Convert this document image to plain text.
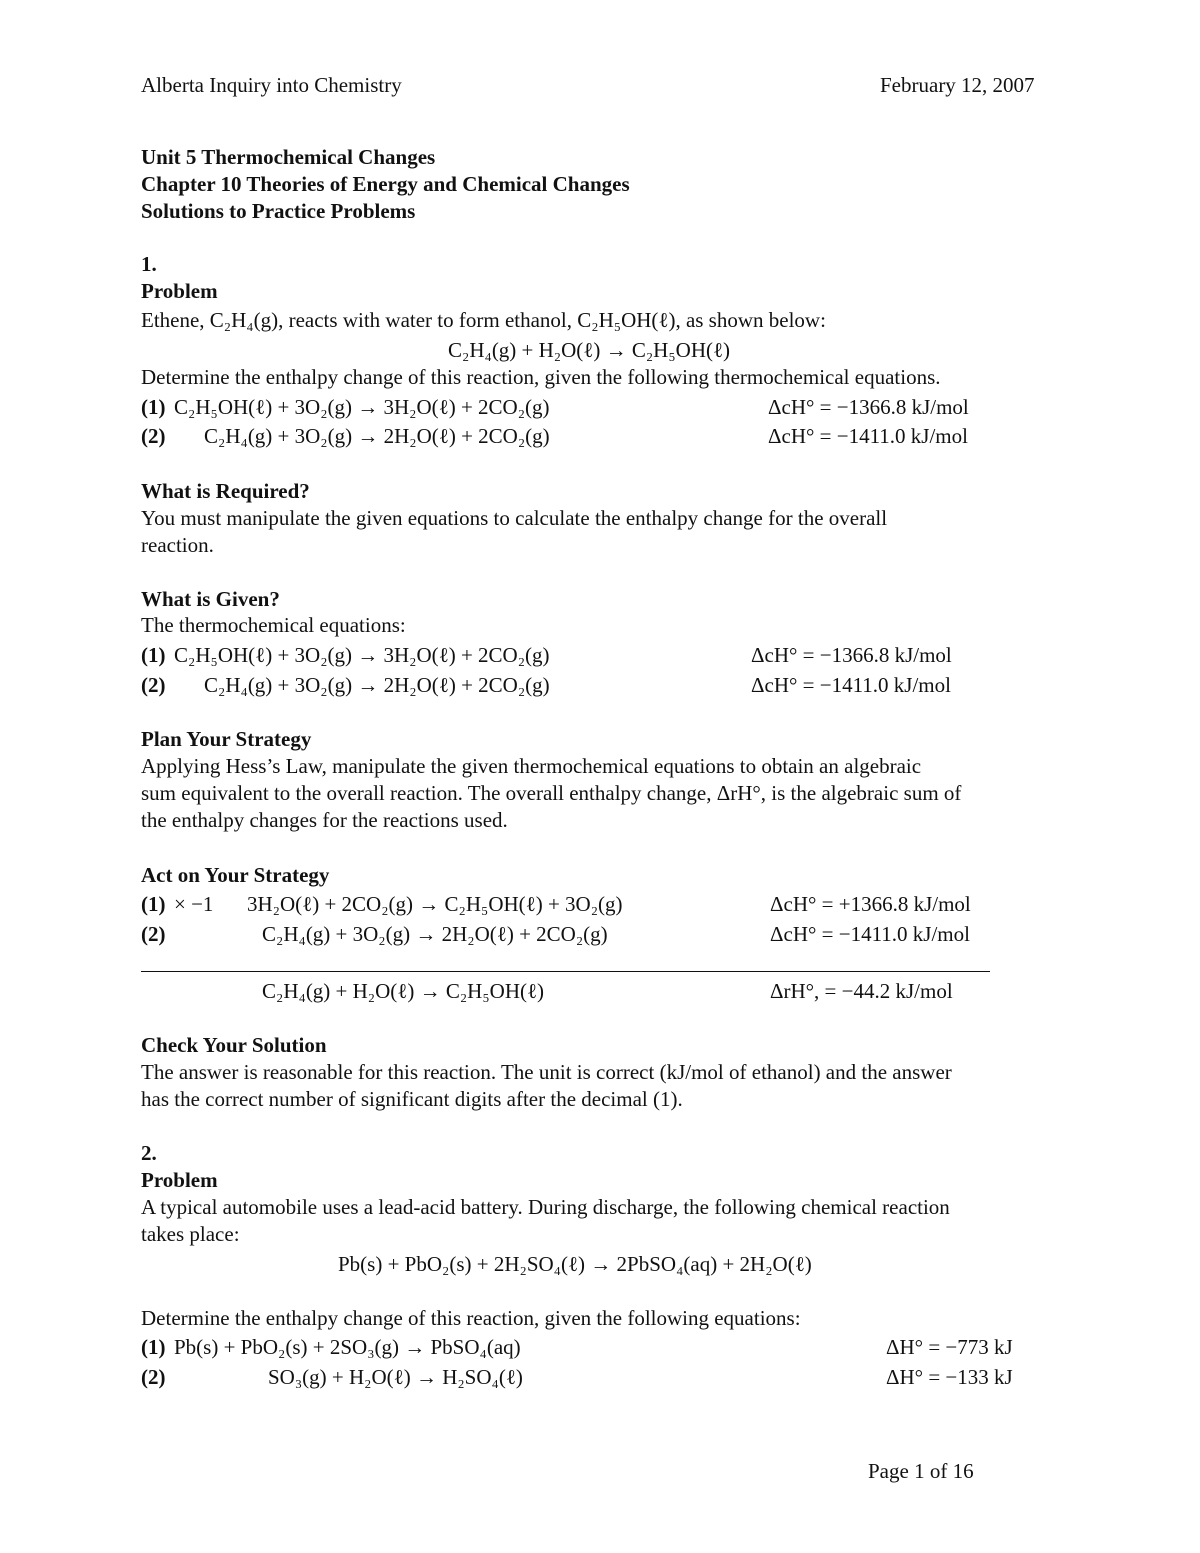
Alberta Inquiry into Chemistry	February 12, 2007
Unit 5 Thermochemical Changes
Chapter 10 Theories of Energy and Chemical Changes
Solutions to Practice Problems
1.
Problem
Ethene, C₂H₄(g), reacts with water to form ethanol, C₂H₅OH(ℓ), as shown below:
C₂H₄(g) + H₂O(ℓ) → C₂H₅OH(ℓ)
Determine the enthalpy change of this reaction, given the following thermochemical equations.
(1) C₂H₅OH(ℓ) + 3O₂(g) → 3H₂O(ℓ) + 2CO₂(g)	ΔcH° = −1366.8 kJ/mol
(2) C₂H₄(g) + 3O₂(g) → 2H₂O(ℓ) + 2CO₂(g)	ΔcH° = −1411.0 kJ/mol
What is Required?
You must manipulate the given equations to calculate the enthalpy change for the overall
reaction.
What is Given?
The thermochemical equations:
(1) C₂H₅OH(ℓ) + 3O₂(g) → 3H₂O(ℓ) + 2CO₂(g)	ΔcH° = −1366.8 kJ/mol
(2) C₂H₄(g) + 3O₂(g) → 2H₂O(ℓ) + 2CO₂(g)	ΔcH° = −1411.0 kJ/mol
Plan Your Strategy
Applying Hess’s Law, manipulate the given thermochemical equations to obtain an algebraic
sum equivalent to the overall reaction. The overall enthalpy change, ΔrH°, is the algebraic sum of
the enthalpy changes for the reactions used.
Act on Your Strategy
(1) × −1 3H₂O(ℓ) + 2CO₂(g) → C₂H₅OH(ℓ) + 3O₂(g)	ΔcH° = +1366.8 kJ/mol
(2)	C₂H₄(g) + 3O₂(g) → 2H₂O(ℓ) + 2CO₂(g)	ΔcH° = −1411.0 kJ/mol
C₂H₄(g) + H₂O(ℓ) → C₂H₅OH(ℓ)	ΔrH°, = −44.2 kJ/mol
Check Your Solution
The answer is reasonable for this reaction. The unit is correct (kJ/mol of ethanol) and the answer
has the correct number of significant digits after the decimal (1).
2.
Problem
A typical automobile uses a lead-acid battery. During discharge, the following chemical reaction
takes place:
Pb(s) + PbO₂(s) + 2H₂SO₄(ℓ) → 2PbSO₄(aq) + 2H₂O(ℓ)
Determine the enthalpy change of this reaction, given the following equations:
(1) Pb(s) + PbO₂(s) + 2SO₃(g) → PbSO₄(aq)	ΔH° = −773 kJ
(2)	SO₃(g) + H₂O(ℓ) → H₂SO₄(ℓ)	ΔH° = −133 kJ
Page 1 of 16
